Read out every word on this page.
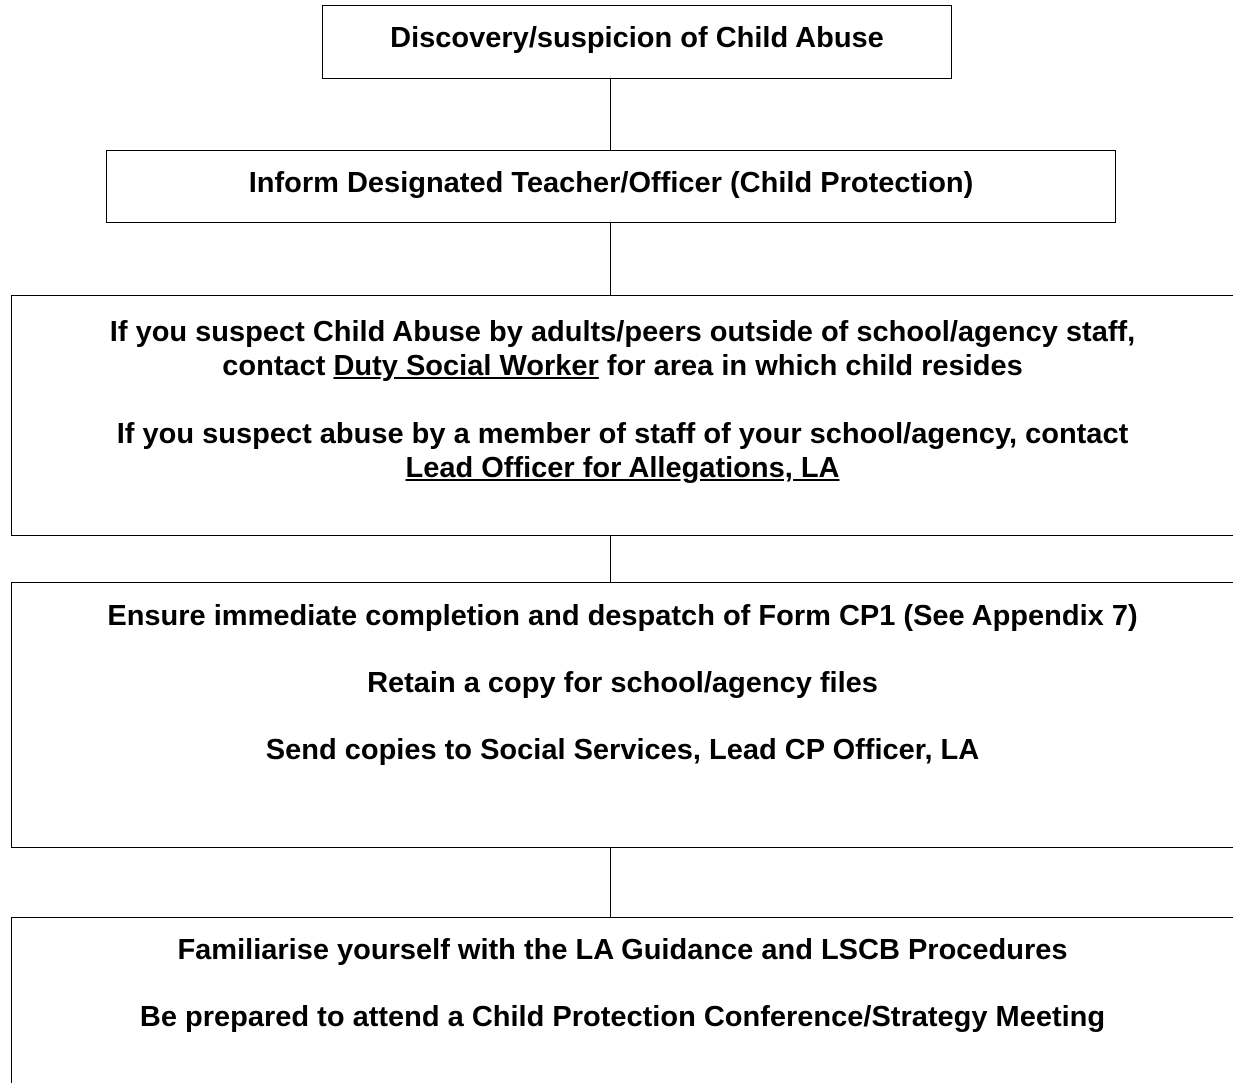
Discovery/suspicion of Child Abuse
Inform Designated Teacher/Officer (Child Protection)

If you suspect Child Abuse by adults/peers outside of school/agency staff,

contact Duty Social Worker for area in which child resides

If you suspect abuse by a member of staff of your school/agency, contact

Lead Officer for Allegations, LA

Ensure immediate completion and despatch of Form CP1 (See Appendix 7)

Retain a copy for school/agency files

Send copies to Social Services, Lead CP Officer, LA

Familiarise yourself with the LA Guidance and LSCB Procedures

Be prepared to attend a Child Protection Conference/Strategy Meeting
